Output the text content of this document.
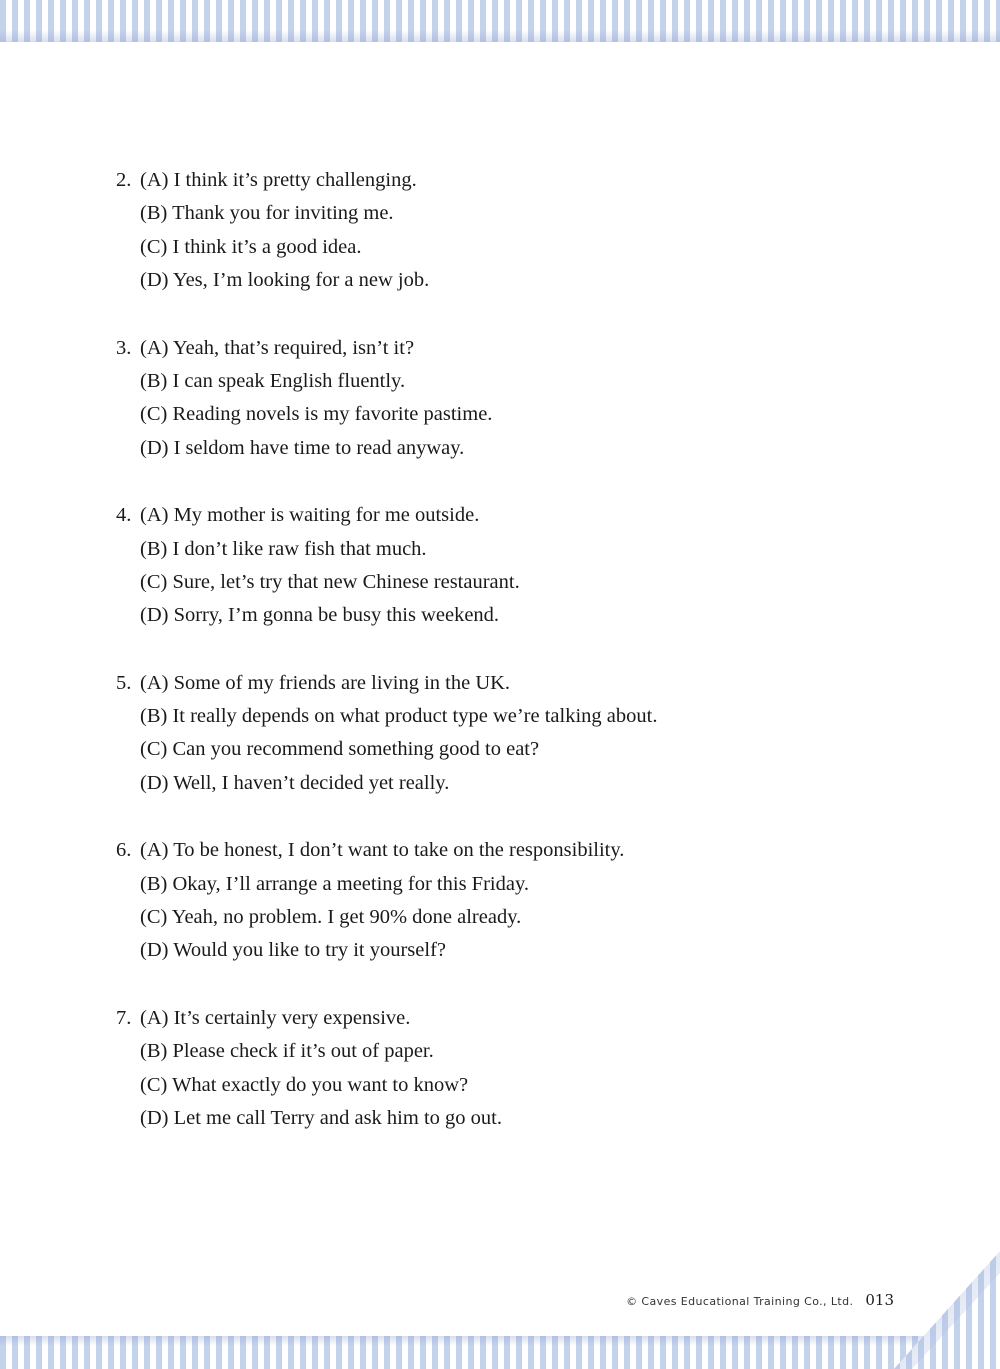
2. (A) I think it’s pretty challenging.
(B) Thank you for inviting me.
(C) I think it’s a good idea.
(D) Yes, I’m looking for a new job.
3. (A) Yeah, that’s required, isn’t it?
(B) I can speak English fluently.
(C) Reading novels is my favorite pastime.
(D) I seldom have time to read anyway.
4. (A) My mother is waiting for me outside.
(B) I don’t like raw fish that much.
(C) Sure, let’s try that new Chinese restaurant.
(D) Sorry, I’m gonna be busy this weekend.
5. (A) Some of my friends are living in the UK.
(B) It really depends on what product type we’re talking about.
(C) Can you recommend something good to eat?
(D) Well, I haven’t decided yet really.
6. (A) To be honest, I don’t want to take on the responsibility.
(B) Okay, I’ll arrange a meeting for this Friday.
(C) Yeah, no problem. I get 90% done already.
(D) Would you like to try it yourself?
7. (A) It’s certainly very expensive.
(B) Please check if it’s out of paper.
(C) What exactly do you want to know?
(D) Let me call Terry and ask him to go out.
© Caves Educational Training Co., Ltd. 013
